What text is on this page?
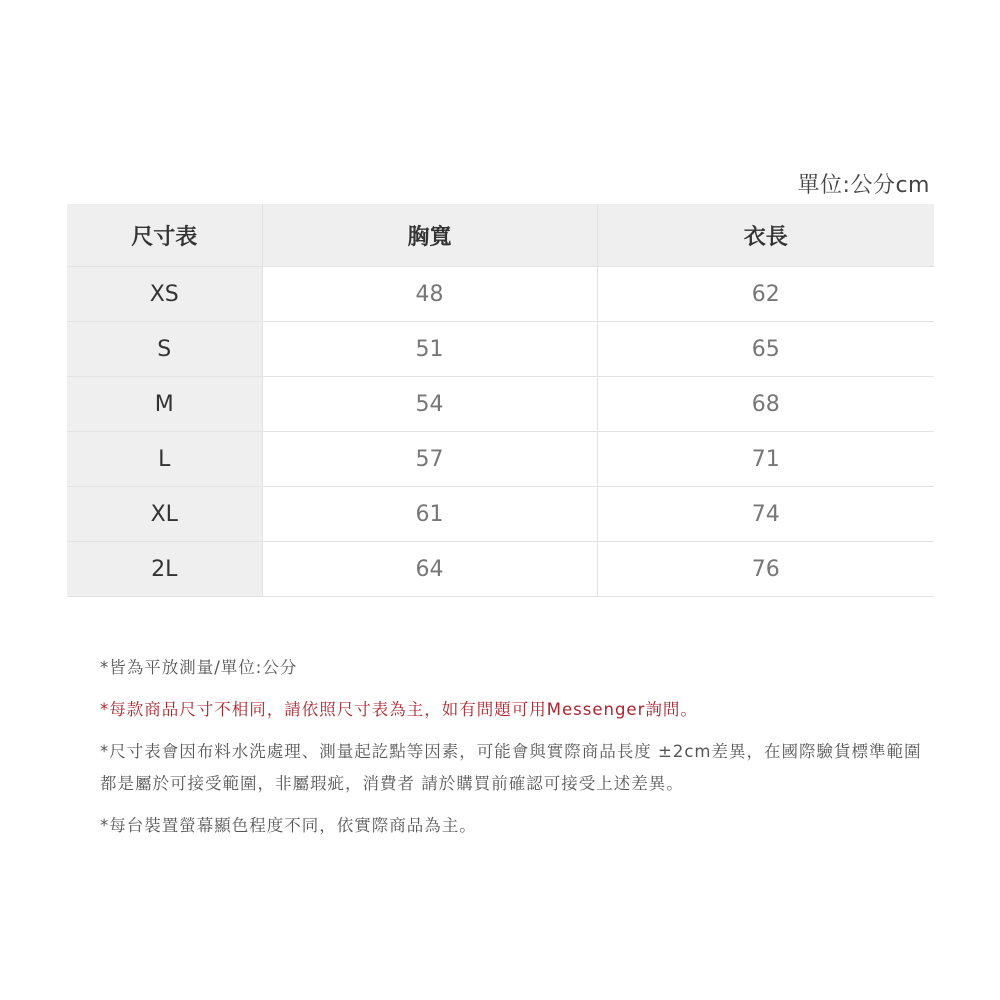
單位:公分cm
尺寸表	胸寬	衣長
XS	48	62
S	51	65
M	54	68
L	57	71
XL	61	74
2L	64	76
*皆為平放測量/單位:公分
*每款商品尺寸不相同，請依照尺寸表為主，如有問題可用Messenger詢問。
*尺寸表會因布料水洗處理、測量起訖點等因素，可能會與實際商品長度 ±2cm差異，在國際驗貨標準範圍都是屬於可接受範圍，非屬瑕疵，消費者 請於購買前確認可接受上述差異。
*每台裝置螢幕顯色程度不同，依實際商品為主。
